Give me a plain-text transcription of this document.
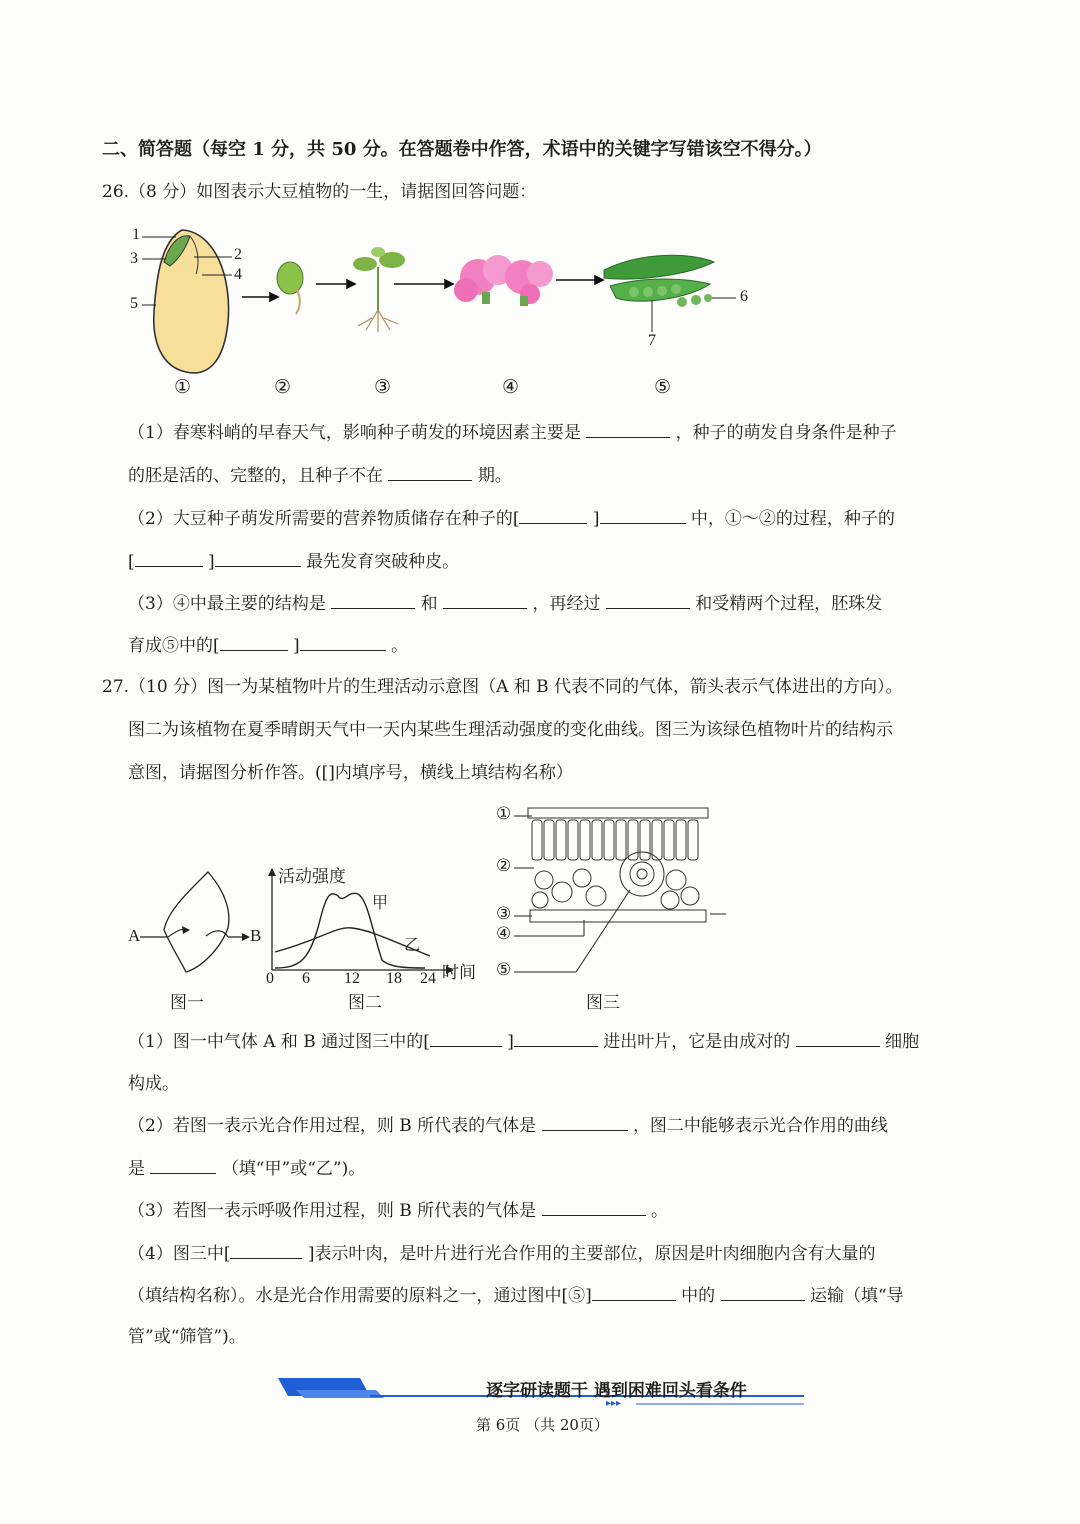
二、简答题（每空 1 分，共 50 分。在答题卷中作答，术语中的关键字写错该空不得分。）
26.（8 分）如图表示大豆植物的一生，请据图回答问题：
1
3
5
2
4
6
7
①	②	③	④	⑤
（1）春寒料峭的早春天气，影响种子萌发的环境因素主要是	，种子的萌发自身条件是种子
的胚是活的、完整的，且种子不在	期。
（2）大豆种子萌发所需要的营养物质储存在种子的[	]	中，①～②的过程，种子的
[	]	最先发育突破种皮。
（3）④中最主要的结构是	和	，再经过	和受精两个过程，胚珠发
育成⑤中的[	]	。
27.（10 分）图一为某植物叶片的生理活动示意图（A 和 B 代表不同的气体，箭头表示气体进出的方向）。
图二为该植物在夏季晴朗天气中一天内某些生理活动强度的变化曲线。图三为该绿色植物叶片的结构示
意图，请据图分析作答。([]内填序号，横线上填结构名称）
A	B
图一
活动强度
甲
乙
时间
0 6 12 18 24
图二
①
②
③
④
⑤
图三
（1）图一中气体 A 和 B 通过图三中的[	]	进出叶片，它是由成对的	细胞
构成。
（2）若图一表示光合作用过程，则 B 所代表的气体是	，图二中能够表示光合作用的曲线
是	（填“甲”或“乙”)。
（3）若图一表示呼吸作用过程，则 B 所代表的气体是	。
（4）图三中[	]表示叶肉，是叶片进行光合作用的主要部位，原因是叶肉细胞内含有大量的
（填结构名称）。水是光合作用需要的原料之一，通过图中[⑤]	中的	运输（填“导
管”或“筛管”)。
逐字研读题干 遇到困难回头看条件
▸▸▸
第 6页 （共 20页）
